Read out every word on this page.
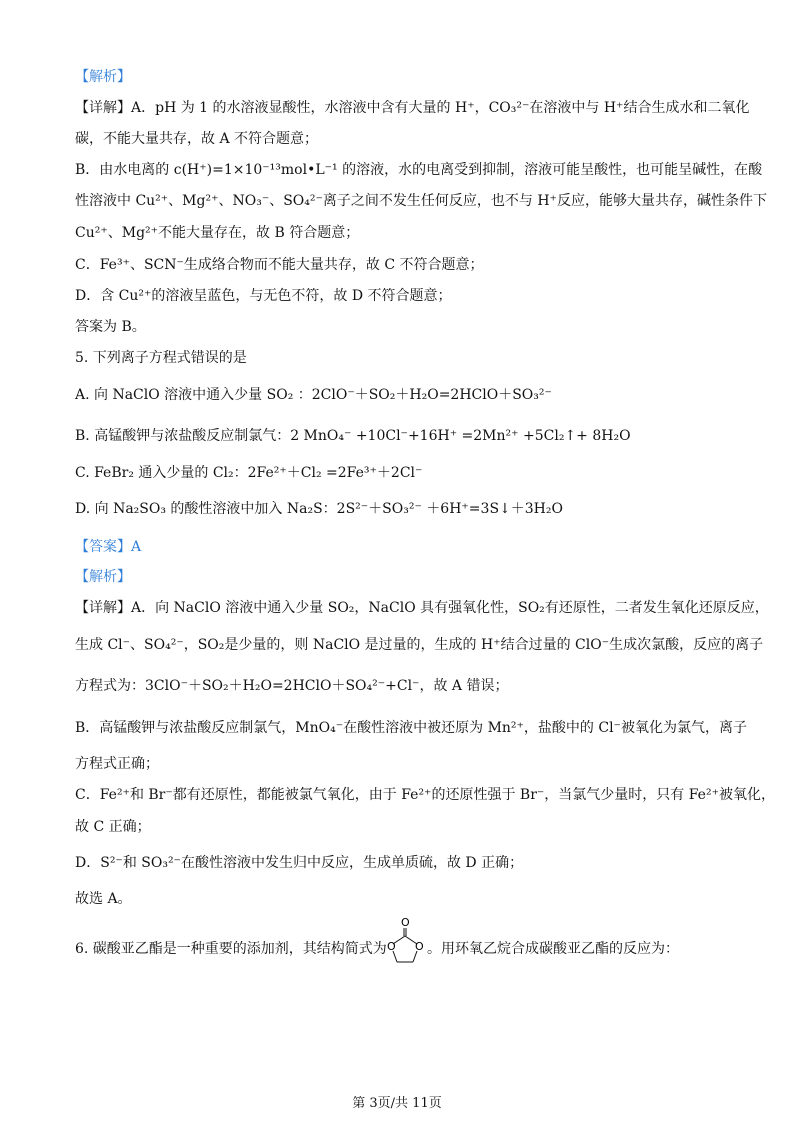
【解析】
【详解】A．pH 为 1 的水溶液显酸性，水溶液中含有大量的 H⁺，CO₃²⁻在溶液中与 H⁺结合生成水和二氧化
碳，不能大量共存，故 A 不符合题意；
B．由水电离的 c(H⁺)=1×10⁻¹³mol•L⁻¹ 的溶液，水的电离受到抑制，溶液可能呈酸性，也可能呈碱性，在酸
性溶液中 Cu²⁺、Mg²⁺、NO₃⁻、SO₄²⁻离子之间不发生任何反应，也不与 H⁺反应，能够大量共存，碱性条件下
Cu²⁺、Mg²⁺不能大量存在，故 B 符合题意；
C．Fe³⁺、SCN⁻生成络合物而不能大量共存，故 C 不符合题意；
D．含 Cu²⁺的溶液呈蓝色，与无色不符，故 D 不符合题意；
答案为 B。
5. 下列离子方程式错误的是
A. 向 NaClO 溶液中通入少量 SO₂ ：2ClO⁻＋SO₂＋H₂O=2HClO＋SO₃²⁻
B. 高锰酸钾与浓盐酸反应制氯气：2 MnO₄⁻ +10Cl⁻+16H⁺ =2Mn²⁺ +5Cl₂↑+ 8H₂O
C. FeBr₂ 通入少量的 Cl₂：2Fe²⁺＋Cl₂ =2Fe³⁺＋2Cl⁻
D. 向 Na₂SO₃ 的酸性溶液中加入 Na₂S：2S²⁻＋SO₃²⁻ ＋6H⁺=3S↓＋3H₂O
【答案】A
【解析】
【详解】A．向 NaClO 溶液中通入少量 SO₂，NaClO 具有强氧化性，SO₂有还原性，二者发生氧化还原反应，
生成 Cl⁻、SO₄²⁻，SO₂是少量的，则 NaClO 是过量的，生成的 H⁺结合过量的 ClO⁻生成次氯酸，反应的离子
方程式为：3ClO⁻＋SO₂＋H₂O=2HClO＋SO₄²⁻+Cl⁻，故 A 错误；
B．高锰酸钾与浓盐酸反应制氯气，MnO₄⁻在酸性溶液中被还原为 Mn²⁺，盐酸中的 Cl⁻被氧化为氯气，离子
方程式正确；
C．Fe²⁺和 Br⁻都有还原性，都能被氯气氧化，由于 Fe²⁺的还原性强于 Br⁻，当氯气少量时，只有 Fe²⁺被氧化，
故 C 正确；
D．S²⁻和 SO₃²⁻在酸性溶液中发生归中反应，生成单质硫，故 D 正确；
故选 A。
6. 碳酸亚乙酯是一种重要的添加剂，其结构简式为
O
O O 。用环氧乙烷合成碳酸亚乙酯的反应为：
第 3页/共 11页
